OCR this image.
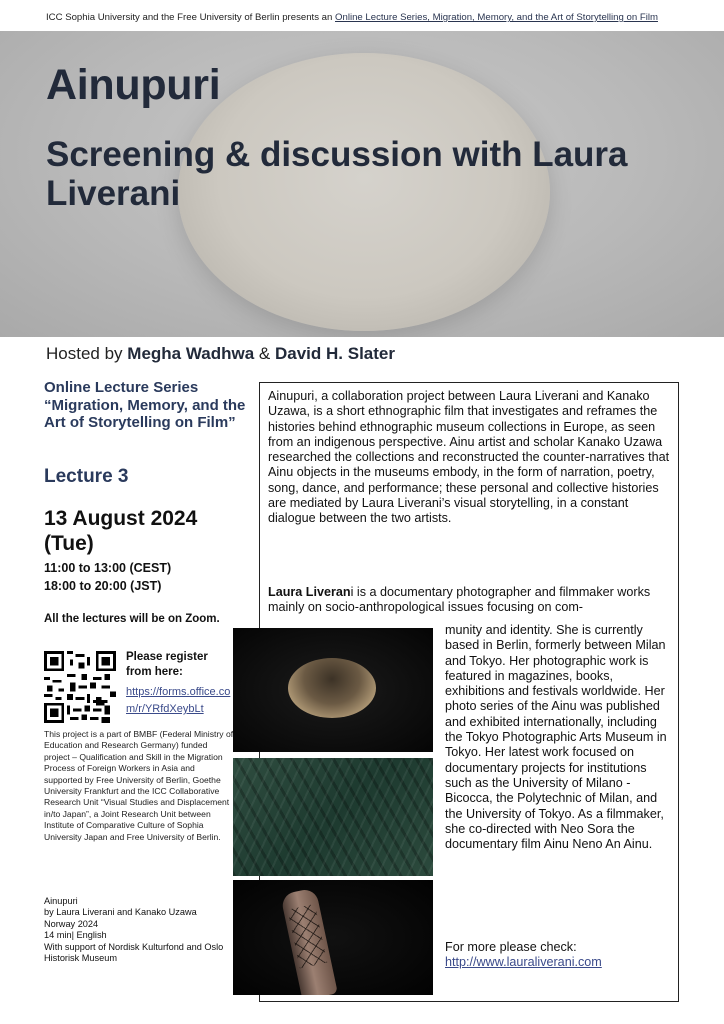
ICC Sophia University and the Free University of Berlin presents an Online Lecture Series, Migration, Memory, and the Art of Storytelling on Film
Ainupuri
Screening & discussion with Laura Liverani
Hosted by Megha Wadhwa & David H. Slater
Online Lecture Series “Migration, Memory, and the Art of Storytelling on Film”
Lecture 3
13 August 2024 (Tue)
11:00 to 13:00 (CEST)
18:00 to 20:00 (JST)
All the lectures will be on Zoom.
Please register from here:
https://forms.office.com/r/YRfdXeybLt
This project is a part of BMBF (Federal Ministry of Education and Research Germany) funded project – Qualification and Skill in the Migration Process of Foreign Workers in Asia and supported by Free University of Berlin, Goethe University Frankfurt and the ICC Collaborative Research Unit “Visual Studies and Displacement in/to Japan”, a Joint Research Unit between Institute of Comparative Culture of Sophia University Japan and Free University of Berlin.
Ainupuri
by Laura Liverani and Kanako Uzawa
Norway 2024
14 min| English
With support of Nordisk Kulturfond and Oslo Historisk Museum
Ainupuri, a collaboration project between Laura Liverani and Kanako Uzawa, is a short ethnographic film that investigates and reframes the histories behind ethnographic museum collections in Europe, as seen from an indigenous perspective. Ainu artist and scholar Kanako Uzawa researched the collections and reconstructed the counter-narratives that Ainu objects in the museums embody, in the form of narration, poetry, song, dance, and performance; these personal and collective histories are mediated by Laura Liverani’s visual storytelling, in a constant dialogue between the two artists.
Laura Liverani is a documentary photographer and filmmaker works mainly on socio-anthropological issues focusing on com-
munity and identity. She is currently based in Berlin, formerly between Milan and Tokyo. Her photographic work is featured in magazines, books, exhibitions and festivals worldwide. Her photo series of the Ainu was published and exhibited internationally, including the Tokyo Photographic Arts Museum in Tokyo. Her latest work focused on documentary projects for institutions such as the University of Milano - Bicocca, the Polytechnic of Milan, and the University of Tokyo. As a filmmaker, she co-directed with Neo Sora the documentary film Ainu Neno An Ainu.
For more please check:
http://www.lauraliverani.com
